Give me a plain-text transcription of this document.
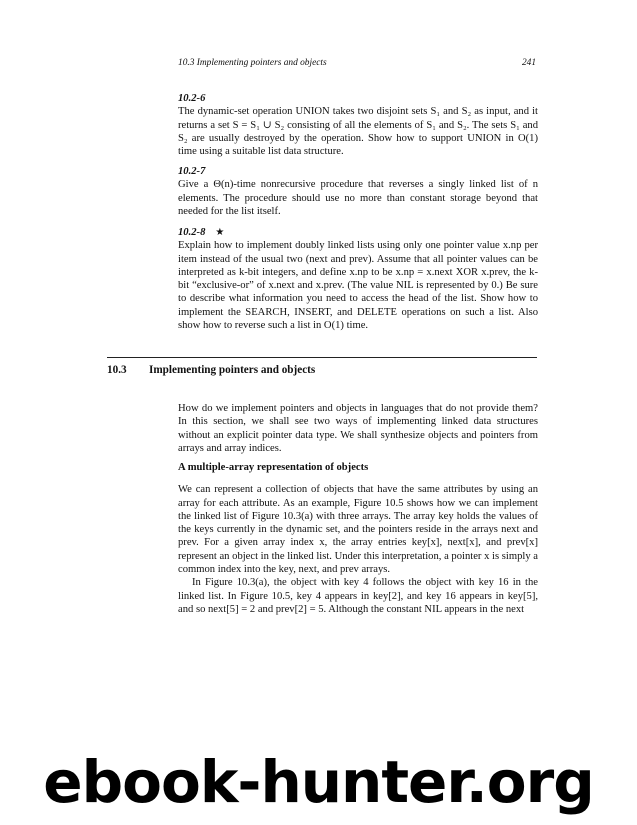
10.3 Implementing pointers and objects	241
10.2-6

The dynamic-set operation UNION takes two disjoint sets S₁ and S₂ as input, and it returns a set S = S₁ ∪ S₂ consisting of all the elements of S₁ and S₂. The sets S₁ and S₂ are usually destroyed by the operation. Show how to support UNION in O(1) time using a suitable list data structure.

10.2-7

Give a Θ(n)-time nonrecursive procedure that reverses a singly linked list of n elements. The procedure should use no more than constant storage beyond that needed for the list itself.

10.2-8 ★

Explain how to implement doubly linked lists using only one pointer value x.np per item instead of the usual two (next and prev). Assume that all pointer values can be interpreted as k-bit integers, and define x.np to be x.np = x.next XOR x.prev, the k-bit “exclusive-or” of x.next and x.prev. (The value NIL is represented by 0.) Be sure to describe what information you need to access the head of the list. Show how to implement the SEARCH, INSERT, and DELETE operations on such a list. Also show how to reverse such a list in O(1) time.

10.3 Implementing pointers and objects

How do we implement pointers and objects in languages that do not provide them? In this section, we shall see two ways of implementing linked data structures without an explicit pointer data type. We shall synthesize objects and pointers from arrays and array indices.

A multiple-array representation of objects

We can represent a collection of objects that have the same attributes by using an array for each attribute. As an example, Figure 10.5 shows how we can implement the linked list of Figure 10.3(a) with three arrays. The array key holds the values of the keys currently in the dynamic set, and the pointers reside in the arrays next and prev. For a given array index x, the array entries key[x], next[x], and prev[x] represent an object in the linked list. Under this interpretation, a pointer x is simply a common index into the key, next, and prev arrays.

In Figure 10.3(a), the object with key 4 follows the object with key 16 in the linked list. In Figure 10.5, key 4 appears in key[2], and key 16 appears in key[5], and so next[5] = 2 and prev[2] = 5. Although the constant NIL appears in the next

ebook-hunter.org
